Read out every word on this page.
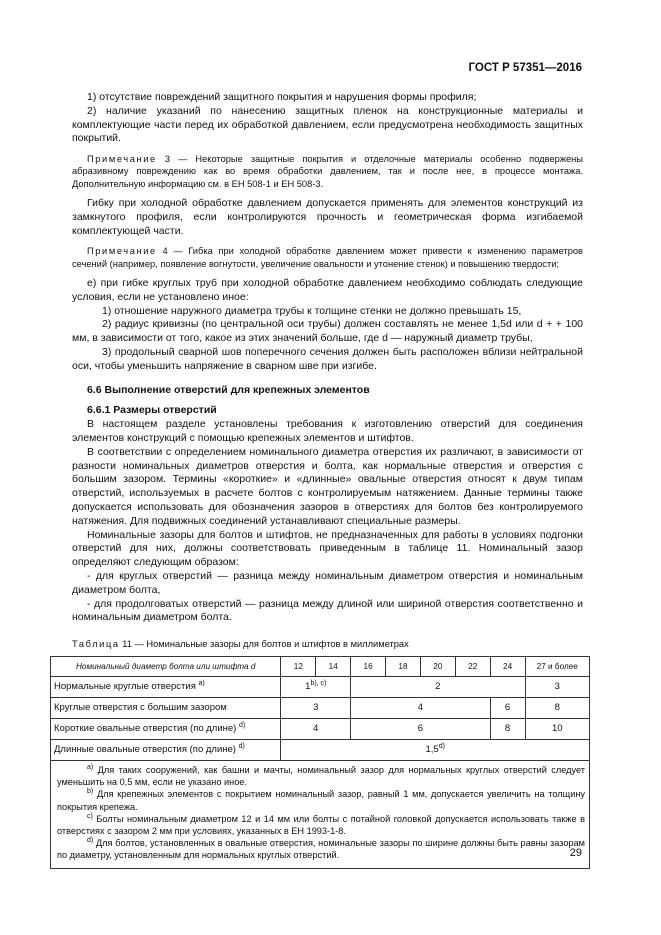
ГОСТ Р 57351—2016

1) отсутствие повреждений защитного покрытия и нарушения формы профиля;

2) наличие указаний по нанесению защитных пленок на конструкционные материалы и комплектующие части перед их обработкой давлением, если предусмотрена необходимость защитных покрытий.

Примечание 3 — Некоторые защитные покрытия и отделочные материалы особенно подвержены абразивному повреждению как во время обработки давлением, так и после нее, в процессе монтажа. Дополнительную информацию см. в ЕН 508-1 и ЕН 508-3.

Гибку при холодной обработке давлением допускается применять для элементов конструкций из замкнутого профиля, если контролируются прочность и геометрическая форма изгибаемой комплектующей части.

Примечание 4 — Гибка при холодной обработке давлением может привести к изменению параметров сечений (например, появление вогнутости, увеличение овальности и утонение стенок) и повышению твердости;

е) при гибке круглых труб при холодной обработке давлением необходимо соблюдать следующие условия, если не установлено иное:

1) отношение наружного диаметра трубы к толщине стенки не должно превышать 15,

2) радиус кривизны (по центральной оси трубы) должен составлять не менее 1,5d или d + + 100 мм, в зависимости от того, какое из этих значений больше, где d — наружный диаметр трубы,

3) продольный сварной шов поперечного сечения должен быть расположен вблизи нейтральной оси, чтобы уменьшить напряжение в сварном шве при изгибе.

6.6 Выполнение отверстий для крепежных элементов

6.6.1 Размеры отверстий

В настоящем разделе установлены требования к изготовлению отверстий для соединения элементов конструкций с помощью крепежных элементов и штифтов.

В соответствии с определением номинального диаметра отверстия их различают, в зависимости от разности номинальных диаметров отверстия и болта, как нормальные отверстия и отверстия с большим зазором. Термины «короткие» и «длинные» овальные отверстия относят к двум типам отверстий, используемых в расчете болтов с контролируемым натяжением. Данные термины также допускается использовать для обозначения зазоров в отверстиях для болтов без контролируемого натяжения. Для подвижных соединений устанавливают специальные размеры.

Номинальные зазоры для болтов и штифтов, не предназначенных для работы в условиях подгонки отверстий для них, должны соответствовать приведенным в таблице 11. Номинальный зазор определяют следующим образом:

- для круглых отверстий — разница между номинальным диаметром отверстия и номинальным диаметром болта,

- для продолговатых отверстий — разница между длиной или шириной отверстия соответственно и номинальным диаметром болта.

Таблица 11 — Номинальные зазоры для болтов и штифтов в миллиметрах

Номинальный диаметр болта или штифта d	12	14	16	18	20	22	24	27 и более
Нормальные круглые отверстия $^{а)}$	$1^{b), c)}$		2					3
Круглые отверстия с большим зазором	3		4				6	8
Короткие овальные отверстия (по длине) $^{d)}$	4		6				8	10
Длинные овальные отверстия (по длине) $^{d)}$	1,5$^{d)}$

$^{а)}$ Для таких сооружений, как башни и мачты, номинальный зазор для нормальных круглых отверстий следует уменьшить на 0,5 мм, если не указано иное.
$^{b)}$ Для крепежных элементов с покрытием номинальный зазор, равный 1 мм, допускается увеличить на толщину покрытия крепежа.
$^{с)}$ Болты номинальным диаметром 12 и 14 мм или болты с потайной головкой допускается использовать также в отверстиях с зазором 2 мм при условиях, указанных в ЕН 1993-1-8.
$^{d)}$ Для болтов, установленных в овальные отверстия, номинальные зазоры по ширине должны быть равны зазорам по диаметру, установленным для нормальных круглых отверстий.									29
